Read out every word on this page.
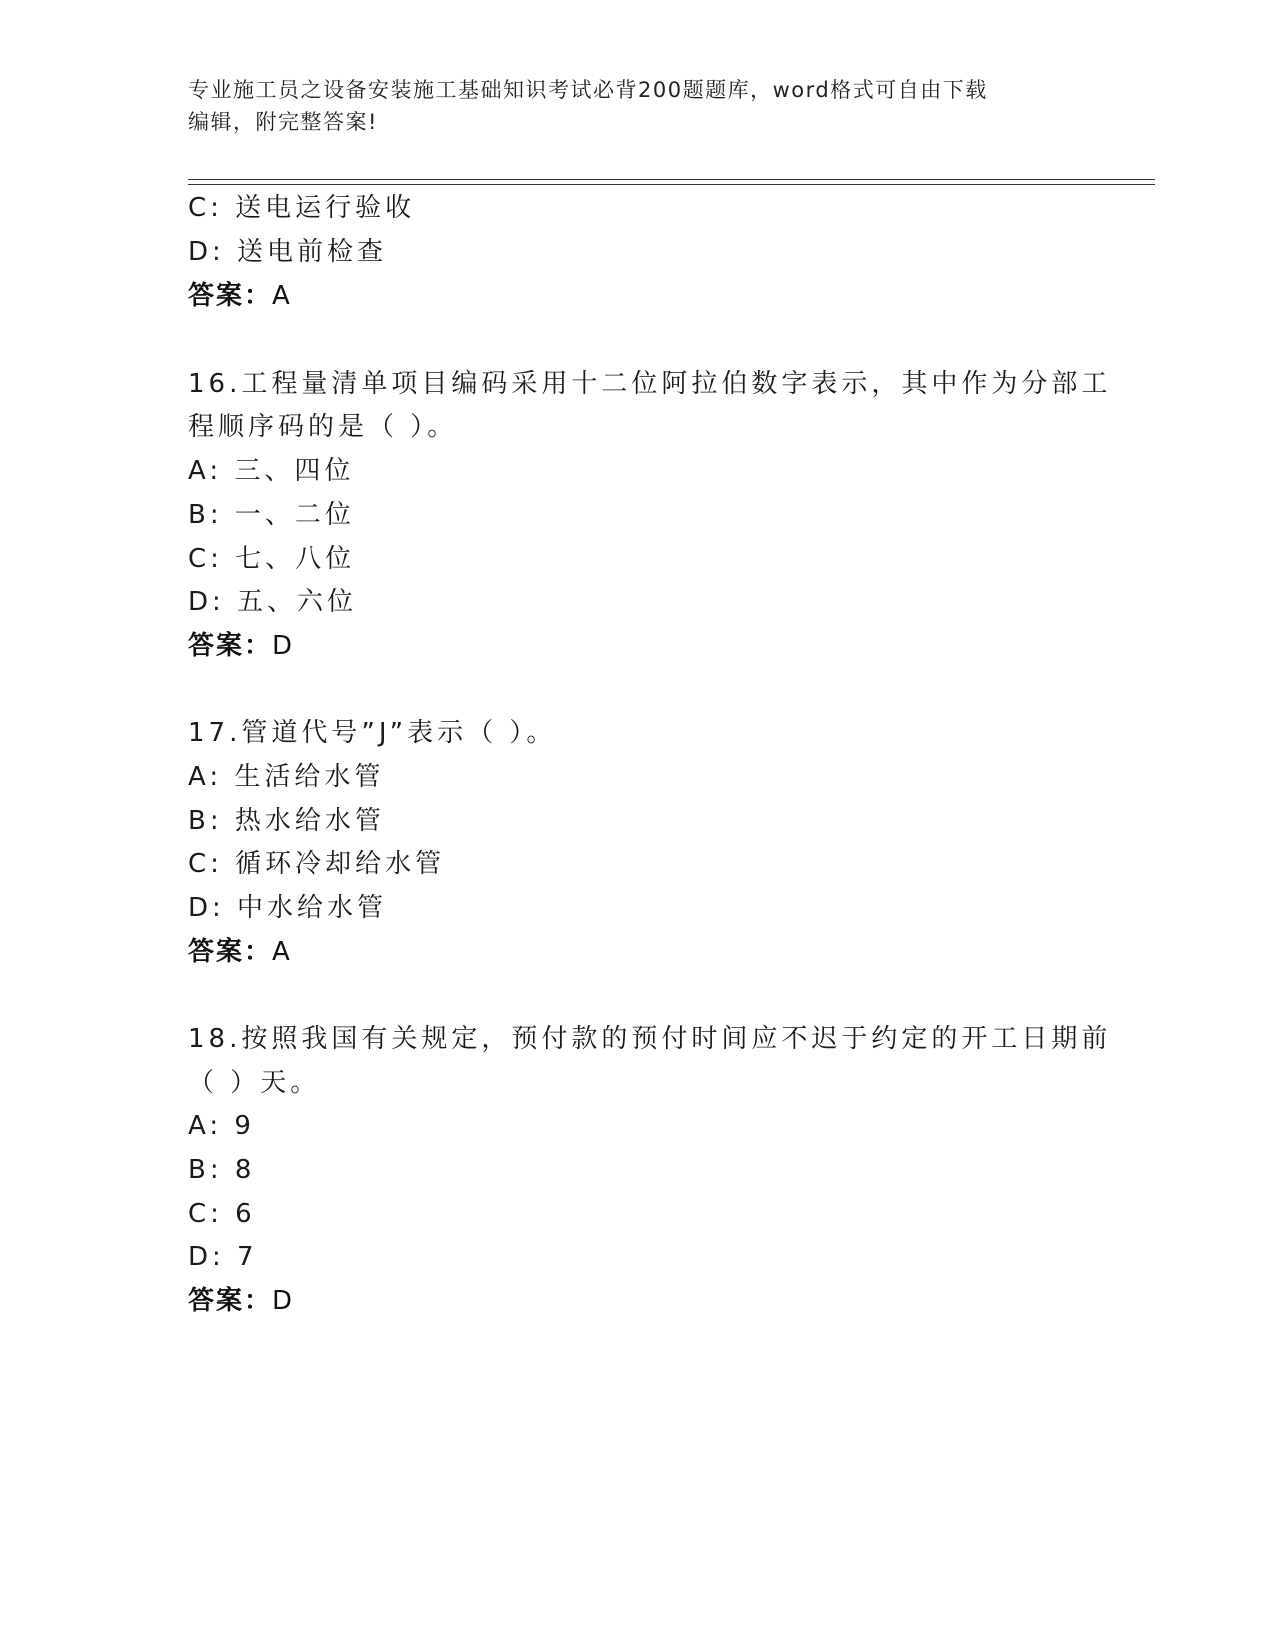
专业施工员之设备安装施工基础知识考试必背200题题库，word格式可自由下载
编辑，附完整答案!
C: 送电运行验收
D: 送电前检查
答案：A
16.工程量清单项目编码采用十二位阿拉伯数字表示，其中作为分部工
程顺序码的是（ ）。
A: 三、四位
B: 一、二位
C: 七、八位
D: 五、六位
答案：D
17.管道代号”J”表示（ ）。
A: 生活给水管
B: 热水给水管
C: 循环冷却给水管
D: 中水给水管
答案：A
18.按照我国有关规定，预付款的预付时间应不迟于约定的开工日期前
（ ）天。
A: 9
B: 8
C: 6
D: 7
答案：D
